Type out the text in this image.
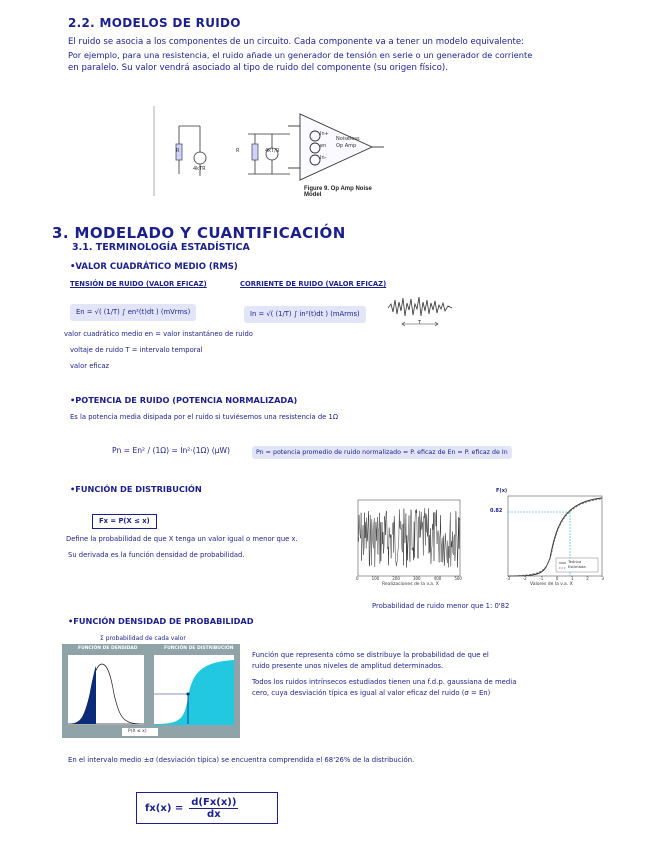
2.2. MODELOS DE RUIDO
El ruido se asocia a los componentes de un circuito. Cada componente va a tener un modelo equivalente:
Por ejemplo, para una resistencia, el ruido añade un generador de tensión en serie o un generador de corriente
en paralelo. Su valor vendrá asociado al tipo de ruido del componente (su origen físico).
R
4kTR
R	4kT/R
In+
en
In-
Noiseless
Op Amp
Figure 9. Op Amp Noise Model
3. MODELADO Y CUANTIFICACIÓN
3.1. TERMINOLOGÍA ESTADÍSTICA
•VALOR CUADRÁTICO MEDIO (RMS)
TENSIÓN DE RUIDO (VALOR EFICAZ)	CORRIENTE DE RUIDO (VALOR EFICAZ)
En = √( (1/T) ∫ en²(t)dt ) (mVrms)	In = √( (1/T) ∫ in²(t)dt ) (mArms)
T
valor cuadrático medio en = valor instantáneo de ruido
voltaje de ruido T = intervalo temporal
valor eficaz
•POTENCIA DE RUIDO (POTENCIA NORMALIZADA)
Es la potencia media disipada por el ruido si tuviésemos una resistencia de 1Ω
Pn = En² / (1Ω) = In²·(1Ω) (μW)	Pn = potencia promedio de ruido normalizado = P. eficaz de En = P. eficaz de In
•FUNCIÓN DE DISTRIBUCIÓN
Fx = P(X ≤ x)
Define la probabilidad de que X tenga un valor igual o menor que x.
Su derivada es la función densidad de probabilidad.
0	100	200	300	400	500
Realizaciones de la v.a. X
F(x)
0.82
Teórica
Estimada
-3	-2	-1	0	1	2	3
Valores de la v.a. X
Probabilidad de ruido menor que 1: 0'82
•FUNCIÓN DENSIDAD DE PROBABILIDAD
Σ probabilidad de cada valor
FUNCIÓN DE DENSIDAD	FUNCIÓN DE DISTRIBUCIÓN
P(X ≤ x)
Función que representa cómo se distribuye la probabilidad de que el
ruido presente unos niveles de amplitud determinados.
Todos los ruidos intrínsecos estudiados tienen una f.d.p. gaussiana de media
cero, cuya desviación típica es igual al valor eficaz del ruido (σ = En)
En el intervalo medio ±σ (desviación típica) se encuentra comprendida el 68'26% de la distribución.
$fx(x) = \frac{d(Fx(x))}{dx}$
